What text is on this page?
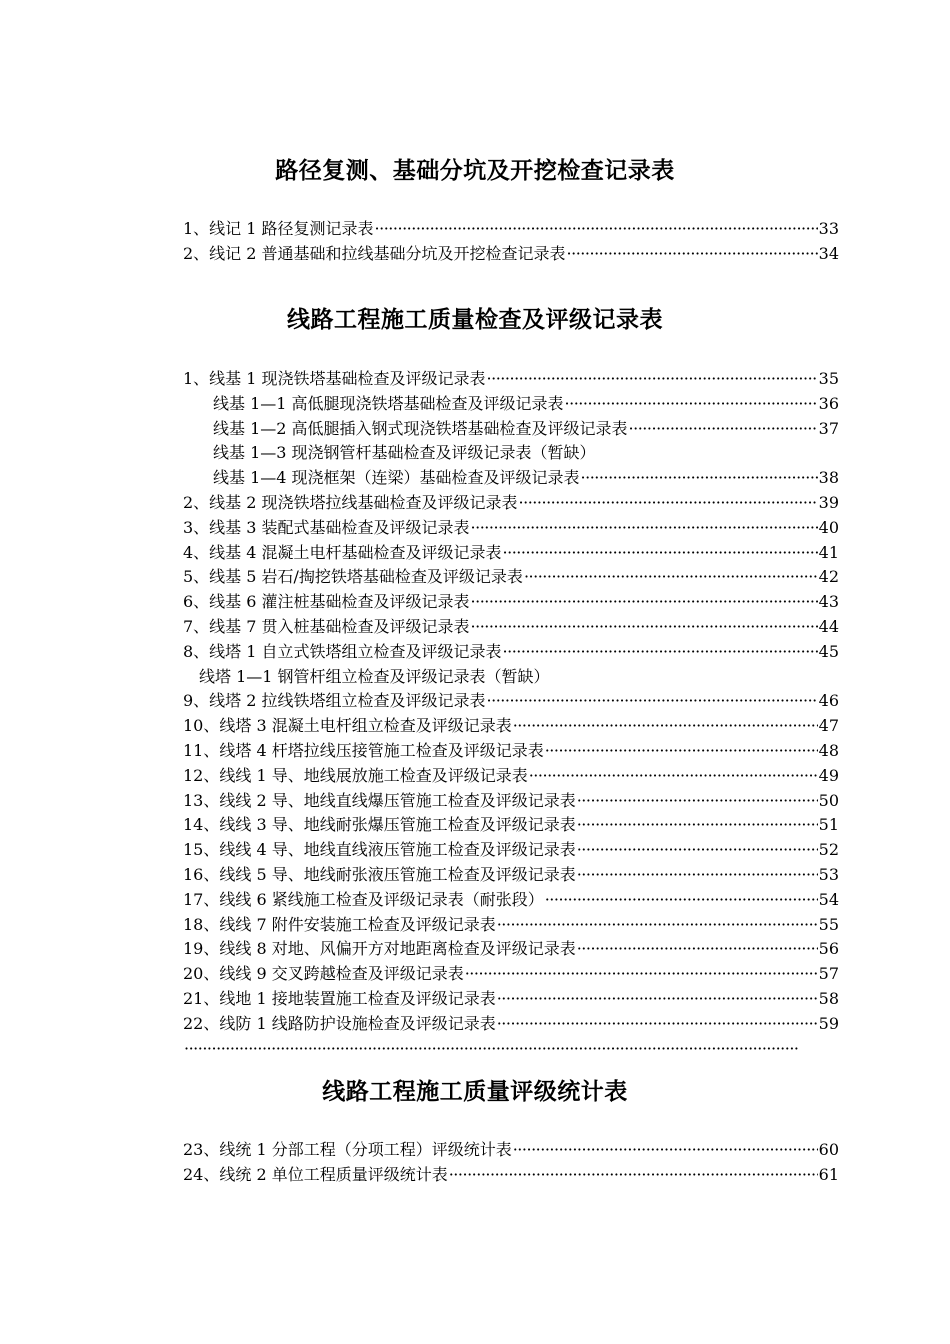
路径复测、基础分坑及开挖检查记录表
1、线记 1 路径复测记录表 ·····	33
2、线记 2 普通基础和拉线基础分坑及开挖检查记录表 ·····	34
线路工程施工质量检查及评级记录表
1、线基 1 现浇铁塔基础检查及评级记录表 ·····	35
线基 1—1 高低腿现浇铁塔基础检查及评级记录表 ·····	36
线基 1—2 高低腿插入钢式现浇铁塔基础检查及评级记录表 ·····	37
线基 1—3 现浇钢管杆基础检查及评级记录表（暂缺）
线基 1—4 现浇框架（连梁）基础检查及评级记录表 ·····	38
2、线基 2 现浇铁塔拉线基础检查及评级记录表 ·····	39
3、线基 3 装配式基础检查及评级记录表 ·····	40
4、线基 4 混凝土电杆基础检查及评级记录表 ·····	41
5、线基 5 岩石/掏挖铁塔基础检查及评级记录表 ·····	42
6、线基 6 灌注桩基础检查及评级记录表 ·····	43
7、线基 7 贯入桩基础检查及评级记录表 ·····	44
8、线塔 1 自立式铁塔组立检查及评级记录表 ·····	45
线塔 1—1 钢管杆组立检查及评级记录表（暂缺）
9、线塔 2 拉线铁塔组立检查及评级记录表 ·····	46
10、线塔 3 混凝土电杆组立检查及评级记录表 ·····	47
11、线塔 4 杆塔拉线压接管施工检查及评级记录表 ·····	48
12、线线 1 导、地线展放施工检查及评级记录表 ·····	49
13、线线 2 导、地线直线爆压管施工检查及评级记录表 ·····	50
14、线线 3 导、地线耐张爆压管施工检查及评级记录表 ·····	51
15、线线 4 导、地线直线液压管施工检查及评级记录表 ·····	52
16、线线 5 导、地线耐张液压管施工检查及评级记录表 ·····	53
17、线线 6 紧线施工检查及评级记录表（耐张段） ·····	54
18、线线 7 附件安装施工检查及评级记录表 ·····	55
19、线线 8 对地、风偏开方对地距离检查及评级记录表 ·····	56
20、线线 9 交叉跨越检查及评级记录表 ·····	57
21、线地 1 接地装置施工检查及评级记录表 ·····	58
22、线防 1 线路防护设施检查及评级记录表 ·····	59
·····
线路工程施工质量评级统计表
23、线统 1 分部工程（分项工程）评级统计表 ·····	60
24、线统 2 单位工程质量评级统计表 ·····	61
